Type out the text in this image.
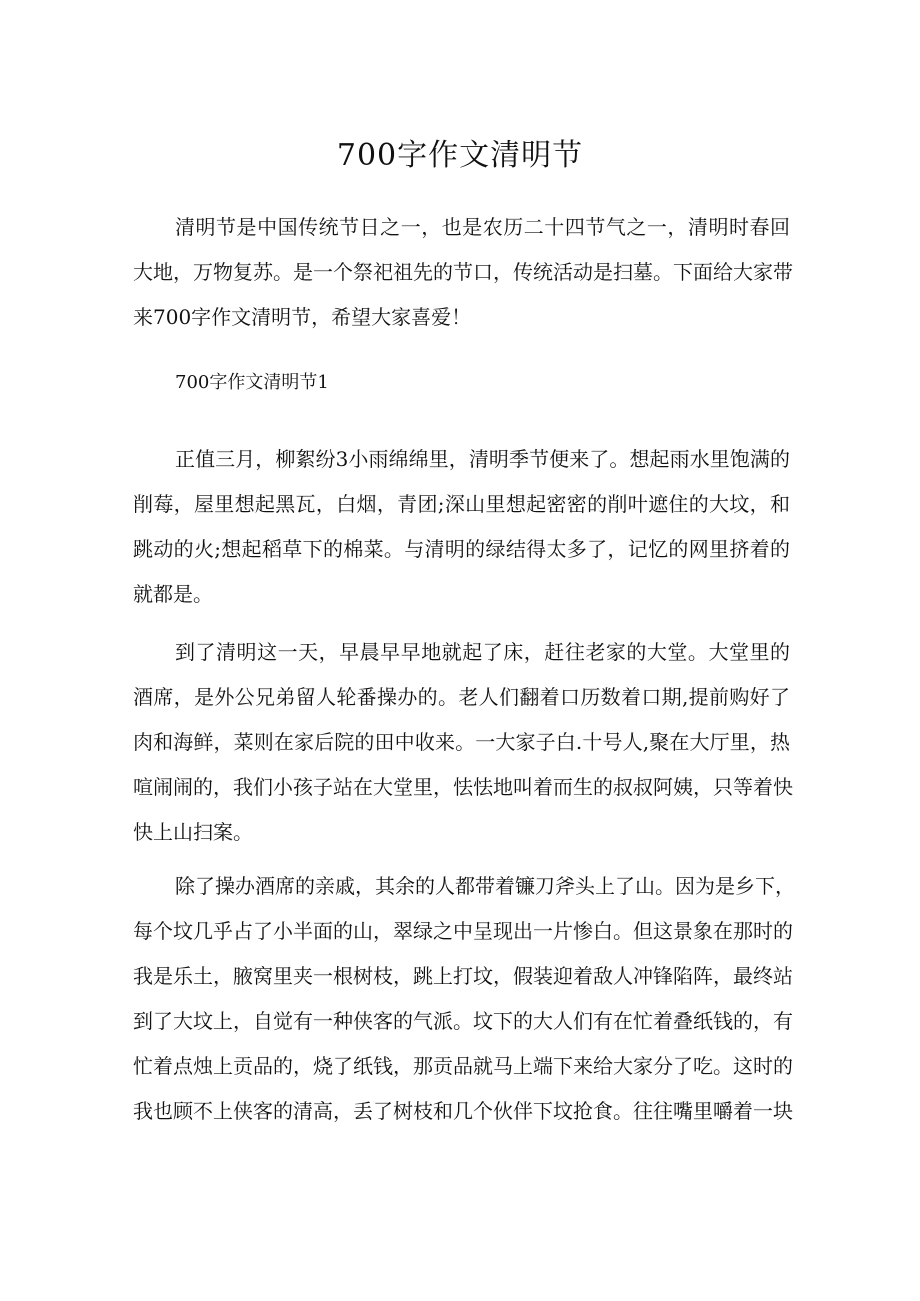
700字作文清明节
清明节是中国传统节日之一，也是农历二十四节气之一，清明时春回
大地，万物复苏。是一个祭祀祖先的节口，传统活动是扫墓。下面给大家带
来700字作文清明节，希望大家喜爱！
700字作文清明节1
正值三月，柳絮纷3小雨绵绵里，清明季节便来了。想起雨水里饱满的
削莓，屋里想起黑瓦，白烟，青团;深山里想起密密的削叶遮住的大坟，和
跳动的火;想起稻草下的棉菜。与清明的绿结得太多了，记忆的网里挤着的
就都是。
到了清明这一天，早晨早早地就起了床，赶往老家的大堂。大堂里的
酒席，是外公兄弟留人轮番操办的。老人们翻着口历数着口期,提前购好了
肉和海鲜，菜则在家后院的田中收来。一大家子白.十号人,聚在大厅里，热
喧闹闹的，我们小孩子站在大堂里，怯怯地叫着而生的叔叔阿姨，只等着快
快上山扫案。
除了操办酒席的亲戚，其余的人都带着镰刀斧头上了山。因为是乡下，
每个坟几乎占了小半面的山，翠绿之中呈现出一片惨白。但这景象在那时的
我是乐土，腋窝里夹一根树枝，跳上打坟，假装迎着敌人冲锋陷阵，最终站
到了大坟上，自觉有一种侠客的气派。坟下的大人们有在忙着叠纸钱的，有
忙着点烛上贡品的，烧了纸钱，那贡品就马上端下来给大家分了吃。这时的
我也顾不上侠客的清高，丢了树枝和几个伙伴下坟抢食。往往嘴里嚼着一块
